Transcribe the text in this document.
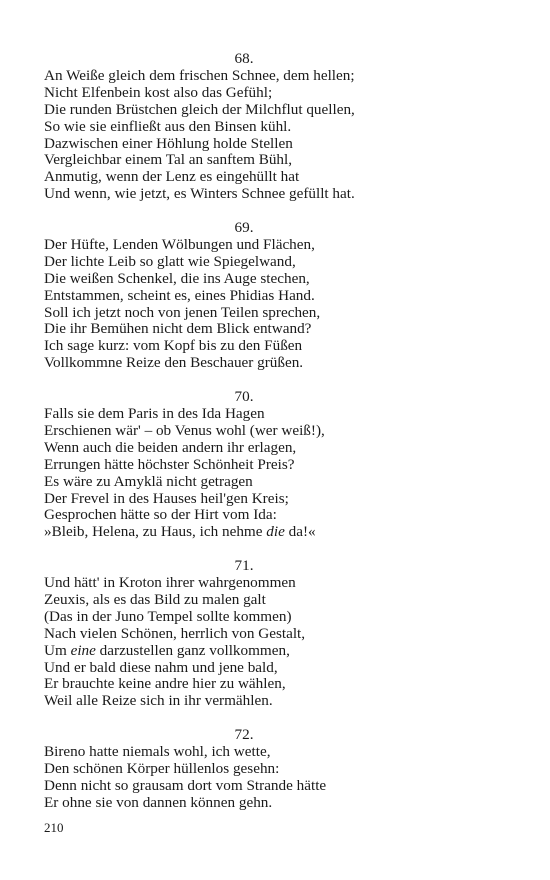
68.
An Weiße gleich dem frischen Schnee, dem hellen;
Nicht Elfenbein kost also das Gefühl;
Die runden Brüstchen gleich der Milchflut quellen,
So wie sie einfließt aus den Binsen kühl.
Dazwischen einer Höhlung holde Stellen
Vergleichbar einem Tal an sanftem Bühl,
Anmutig, wenn der Lenz es eingehüllt hat
Und wenn, wie jetzt, es Winters Schnee gefüllt hat.
69.
Der Hüfte, Lenden Wölbungen und Flächen,
Der lichte Leib so glatt wie Spiegelwand,
Die weißen Schenkel, die ins Auge stechen,
Entstammen, scheint es, eines Phidias Hand.
Soll ich jetzt noch von jenen Teilen sprechen,
Die ihr Bemühen nicht dem Blick entwand?
Ich sage kurz: vom Kopf bis zu den Füßen
Vollkommne Reize den Beschauer grüßen.
70.
Falls sie dem Paris in des Ida Hagen
Erschienen wär' – ob Venus wohl (wer weiß!),
Wenn auch die beiden andern ihr erlagen,
Errungen hätte höchster Schönheit Preis?
Es wäre zu Amyklä nicht getragen
Der Frevel in des Hauses heil'gen Kreis;
Gesprochen hätte so der Hirt vom Ida:
»Bleib, Helena, zu Haus, ich nehme die da!«
71.
Und hätt' in Kroton ihrer wahrgenommen
Zeuxis, als es das Bild zu malen galt
(Das in der Juno Tempel sollte kommen)
Nach vielen Schönen, herrlich von Gestalt,
Um eine darzustellen ganz vollkommen,
Und er bald diese nahm und jene bald,
Er brauchte keine andre hier zu wählen,
Weil alle Reize sich in ihr vermählen.
72.
Bireno hatte niemals wohl, ich wette,
Den schönen Körper hüllenlos gesehn:
Denn nicht so grausam dort vom Strande hätte
Er ohne sie von dannen können gehn.
210
